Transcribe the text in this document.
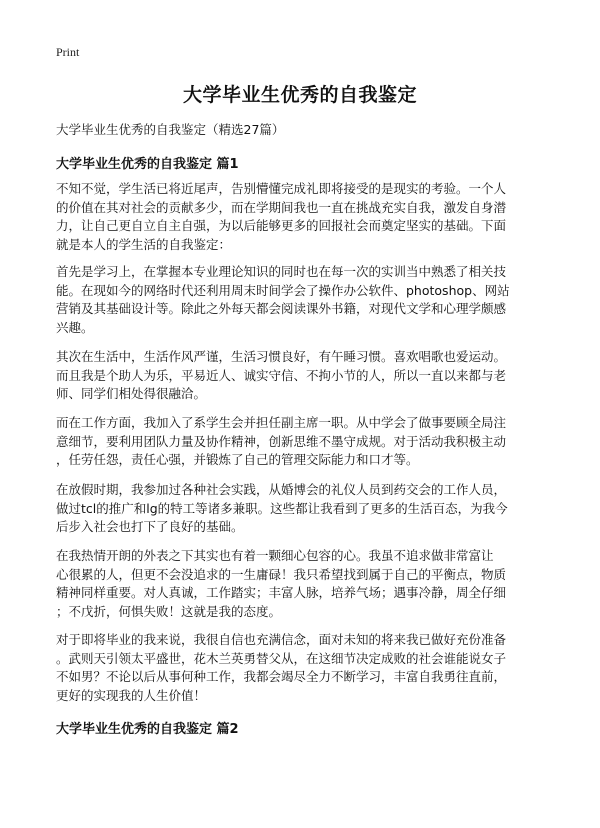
Print
大学毕业生优秀的自我鉴定
大学毕业生优秀的自我鉴定（精选27篇）
大学毕业生优秀的自我鉴定 篇1
不知不觉，学生活已将近尾声，告别懵懂完成礼即将接受的是现实的考验。一个人
的价值在其对社会的贡献多少，而在学期间我也一直在挑战充实自我，激发自身潜
力，让自己更自立自主自强，为以后能够更多的回报社会而奠定坚实的基础。下面
就是本人的学生活的自我鉴定：
首先是学习上，在掌握本专业理论知识的同时也在每一次的实训当中熟悉了相关技
能。在现如今的网络时代还利用周末时间学会了操作办公软件、photoshop、网站
营销及其基础设计等。除此之外每天都会阅读课外书籍，对现代文学和心理学颇感
兴趣。
其次在生活中，生活作风严谨，生活习惯良好，有午睡习惯。喜欢唱歌也爱运动。
而且我是个助人为乐，平易近人、诚实守信、不拘小节的人，所以一直以来都与老
师、同学们相处得很融洽。
而在工作方面，我加入了系学生会并担任副主席一职。从中学会了做事要顾全局注
意细节，要利用团队力量及协作精神，创新思维不墨守成规。对于活动我积极主动
，任劳任怨，责任心强，并锻炼了自己的管理交际能力和口才等。
在放假时期，我参加过各种社会实践，从婚博会的礼仪人员到药交会的工作人员，
做过tcl的推广和lg的特工等诸多兼职。这些都让我看到了更多的生活百态，为我今
后步入社会也打下了良好的基础。
在我热情开朗的外表之下其实也有着一颗细心包容的心。我虽不追求做非常富让
心很累的人，但更不会没追求的一生庸碌！我只希望找到属于自己的平衡点，物质
精神同样重要。对人真诚，工作踏实；丰富人脉，培养气场；遇事冷静，周全仔细
；不戊折，何惧失败！这就是我的态度。
对于即将毕业的我来说，我很自信也充满信念，面对未知的将来我已做好充份准备
。武则天引领太平盛世，花木兰英勇替父从，在这细节决定成败的社会谁能说女子
不如男？不论以后从事何种工作，我都会竭尽全力不断学习，丰富自我勇往直前，
更好的实现我的人生价值！
大学毕业生优秀的自我鉴定 篇2
